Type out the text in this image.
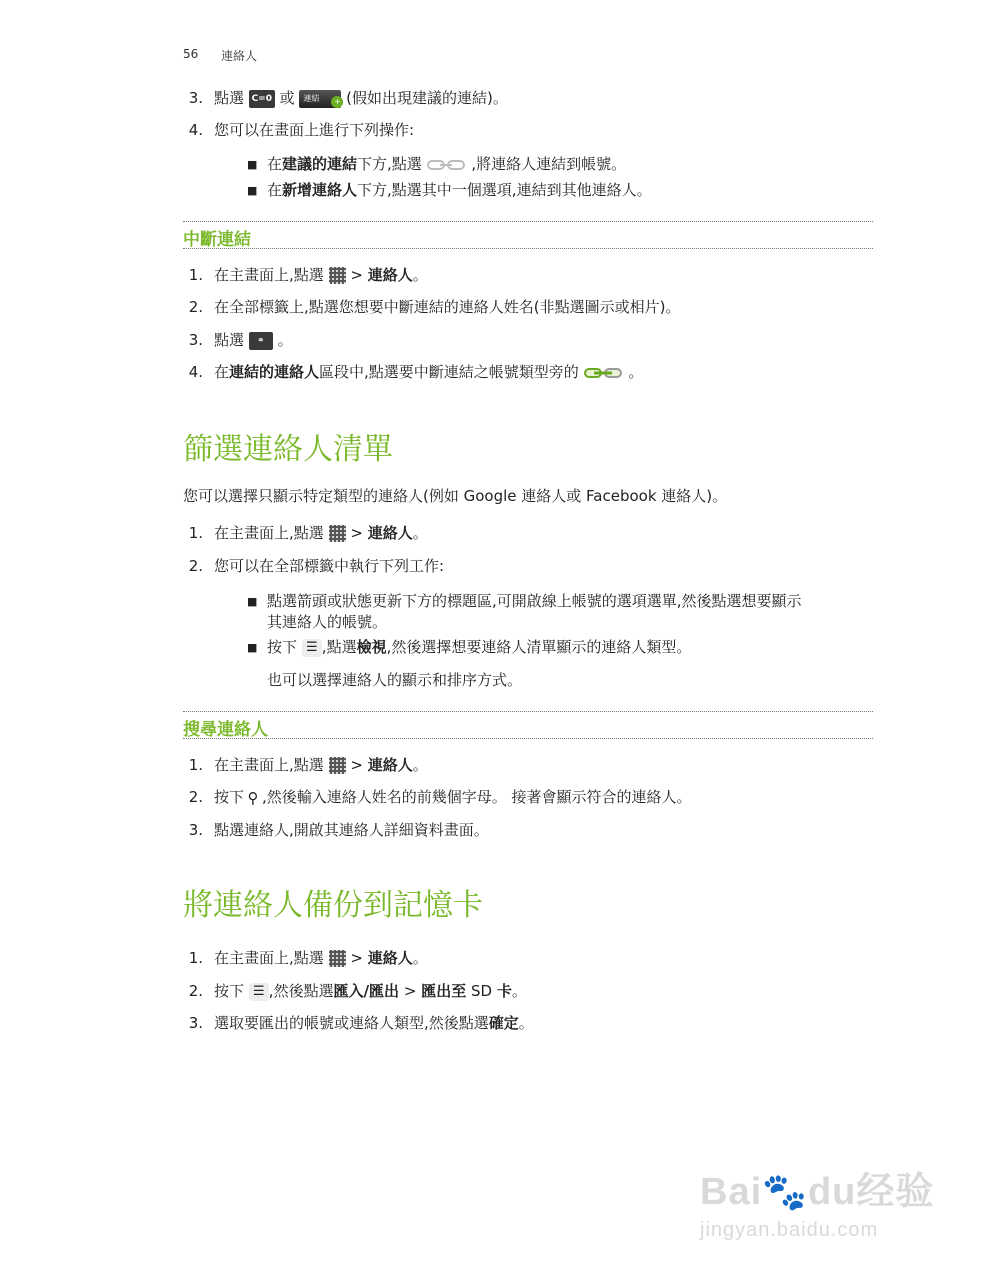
56 連絡人
3. 點選 C=0 或 連結	+ (假如出現建議的連結)。
4. 您可以在畫面上進行下列操作:
■ 在建議的連結下方,點選	,將連絡人連結到帳號。
■ 在新增連絡人下方,點選其中一個選項,連結到其他連絡人。
中斷連結
1. 在主畫面上,點選 > 連絡人。
2. 在全部標籤上,點選您想要中斷連結的連絡人姓名(非點選圖示或相片)。
3. 點選 ⚭ 。
4. 在連結的連絡人區段中,點選要中斷連結之帳號類型旁的	。
篩選連絡人清單
您可以選擇只顯示特定類型的連絡人(例如 Google 連絡人或 Facebook 連絡人)。
1. 在主畫面上,點選 > 連絡人。
2. 您可以在全部標籤中執行下列工作:
■ 點選箭頭或狀態更新下方的標題區,可開啟線上帳號的選項選單,然後點選想要顯示
其連絡人的帳號。
■ 按下 ☰ ,點選檢視,然後選擇想要連絡人清單顯示的連絡人類型。
也可以選擇連絡人的顯示和排序方式。
搜尋連絡人
1. 在主畫面上,點選 > 連絡人。
2. 按下 ⚲ ,然後輸入連絡人姓名的前幾個字母。 接著會顯示符合的連絡人。
3. 點選連絡人,開啟其連絡人詳細資料畫面。
將連絡人備份到記憶卡
1. 在主畫面上,點選 > 連絡人。
2. 按下 ☰ ,然後點選匯入/匯出 > 匯出至 SD 卡。
3. 選取要匯出的帳號或連絡人類型,然後點選確定。
Bai🐾du经验
jingyan.baidu.com
